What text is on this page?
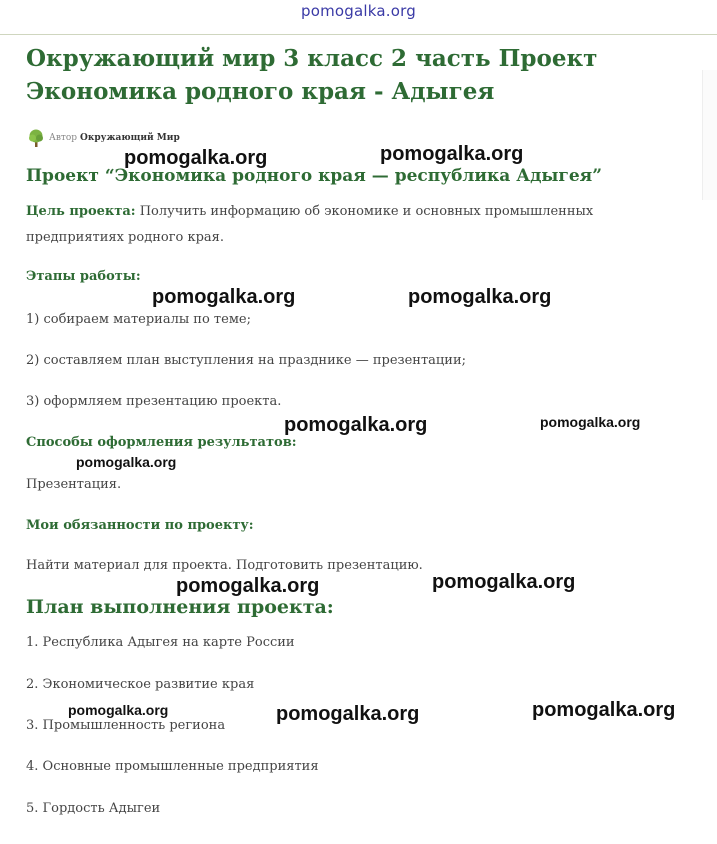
pomogalka.org
Окружающий мир 3 класс 2 часть Проект
Экономика родного края - Адыгея
Автор Окружающий Мир
Проект “Экономика родного края — республика Адыгея”
Цель проекта: Получить информацию об экономике и основных промышленных предприятиях родного края.
Этапы работы:
1) собираем материалы по теме;
2) составляем план выступления на празднике — презентации;
3) оформляем презентацию проекта.
Способы оформления результатов:
Презентация.
Мои обязанности по проекту:
Найти материал для проекта. Подготовить презентацию.
План выполнения проекта:
1. Республика Адыгея на карте России
2. Экономическое развитие края
3. Промышленность региона
4. Основные промышленные предприятия
5. Гордость Адыгеи
pomogalka.org	pomogalka.org
pomogalka.org	pomogalka.org
pomogalka.org	pomogalka.org
pomogalka.org
pomogalka.org	pomogalka.org
pomogalka.org	pomogalka.org	pomogalka.org
